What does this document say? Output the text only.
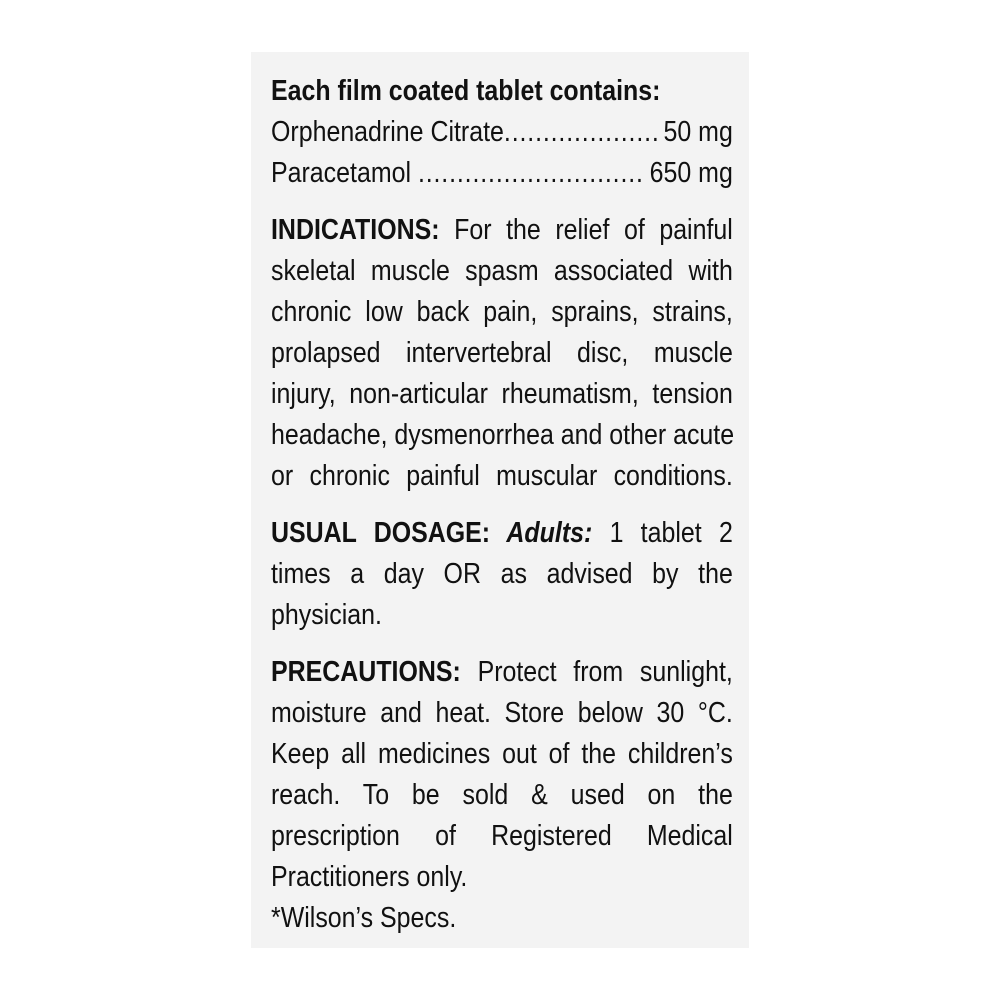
Each film coated tablet contains:
Orphenadrine Citrate .................... 50 mg
Paracetamol ............................. 650 mg
INDICATIONS: For the relief of painful
skeletal muscle spasm associated with
chronic low back pain, sprains, strains,
prolapsed intervertebral disc, muscle
injury, non-articular rheumatism, tension
headache, dysmenorrhea and other acute
or chronic painful muscular conditions.
USUAL DOSAGE: Adults: 1 tablet 2
times a day OR as advised by the
physician.
PRECAUTIONS: Protect from sunlight,
moisture and heat. Store below 30 °C.
Keep all medicines out of the children’s
reach. To be sold & used on the
prescription of Registered Medical
Practitioners only.
*Wilson’s Specs.
